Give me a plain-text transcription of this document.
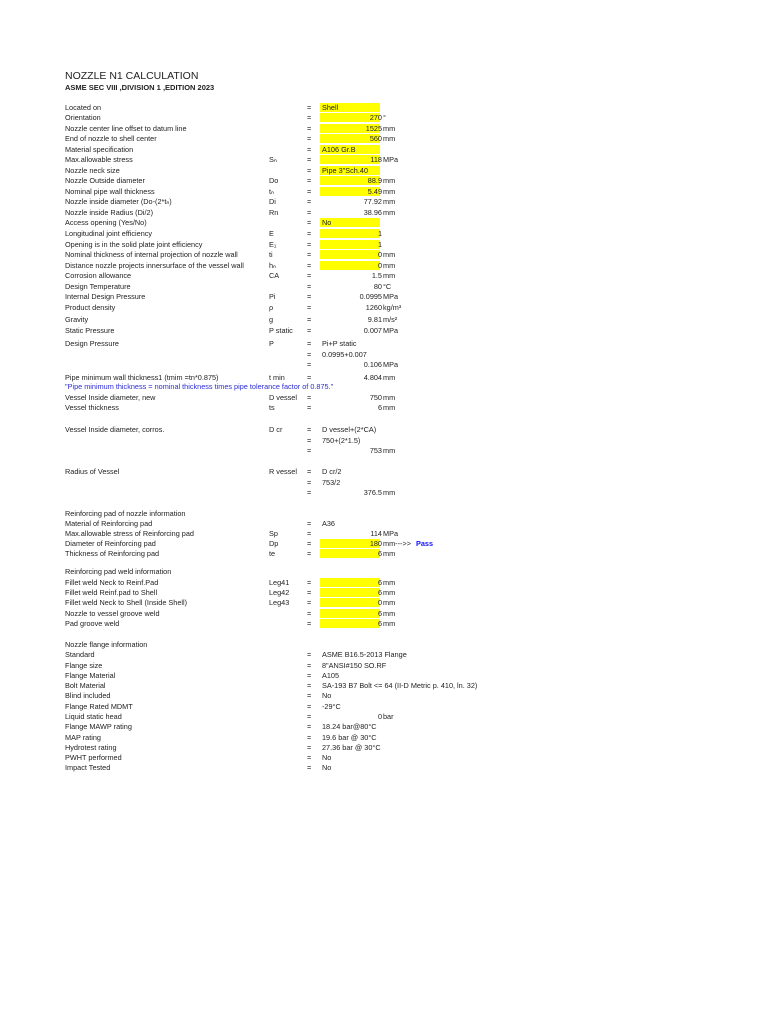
NOZZLE N1 CALCULATION
ASME SEC VIII ,DIVISION 1 ,EDITION 2023
"Pipe minimum thickness = nominal thickness times pipe tolerance factor of 0.875."
Located on	= Shell
Orientation	=	270 °
Nozzle center line offset to datum line	=	1525 mm
End of nozzle to shell center	=	560 mm
Material specification	= A106 Gr.B
Max.allowable stress	Sₙ	=	118 MPa
Nozzle neck size	= Pipe 3"Sch.40
Nozzle Outside diameter	Do	=	88.9 mm
Nominal pipe wall thickness	tₙ	=	5.49 mm
Nozzle inside diameter (Do-(2*tₙ)	Di	=	77.92 mm
Nozzle inside Radius (Di/2)	Rn	=	38.96 mm
Access opening (Yes/No)	= No
Longitudinal joint efficiency	E	=	1
Opening is in the solid plate joint efficiency	E₁	=	1
Nominal thickness of internal projection of nozzle wall	ti	=	0 mm
Distance nozzle projects innersurface of the vessel wall	hₙ	=	0 mm
Corrosion allowance	CA	=	1.5 mm
Design Temperature	=	80 °C
Internal Design Pressure	Pi	=	0.0995 MPa
Product density	ρ	=	1260 kg/m³
Gravity	g	=	9.81 m/s²
Static Pressure	P static =	0.007 MPa
Design Pressure	P	= Pi+P static
= 0.0995+0.007
=	0.106 MPa
Pipe minimum wall thickness1 (tmim =tn*0.875)	t min	=	4.804 mm
Vessel Inside diameter, new	D vessel =	750 mm
Vessel thickness	ts	=	6 mm
Vessel Inside diameter, corros.	D cr	= D vessel+(2*CA)
= 750+(2*1.5)
=	753 mm
Radius of Vessel	R vessel = D cr/2
= 753/2
=	376.5 mm
Reinforcing pad of nozzle information
Material of Reinforcing pad	= A36
Max.allowable stress of Reinforcing pad	Sp	=	114 MPa
Diameter of Reinforcing pad	Dp	=	180 mm--->> Pass
Thickness of Reinforcing pad	te	=	6 mm
Reinforcing pad weld information
Fillet weld Neck to Reinf.Pad	Leg41 =	6 mm
Fillet weld Reinf.pad to Shell	Leg42 =	6 mm
Fillet weld Neck to Shell (Inside Shell)	Leg43 =	0 mm
Nozzle to vessel groove weld	=	6 mm
Pad groove weld	=	6 mm
Nozzle flange information
Standard	= ASME B16.5-2013 Flange
Flange size	= 8"ANSI#150 SO.RF
Flange Material	= A105
Bolt Material	= SA-193 B7 Bolt <= 64 (II-D Metric p. 410, ln. 32)
Blind included	= No
Flange Rated MDMT	= -29°C
Liquid static head	=	0 bar
Flange MAWP rating	= 18.24 bar@80°C
MAP rating	= 19.6 bar @ 30°C
Hydrotest rating	= 27.36 bar @ 30°C
PWHT performed	= No
Impact Tested	= No
